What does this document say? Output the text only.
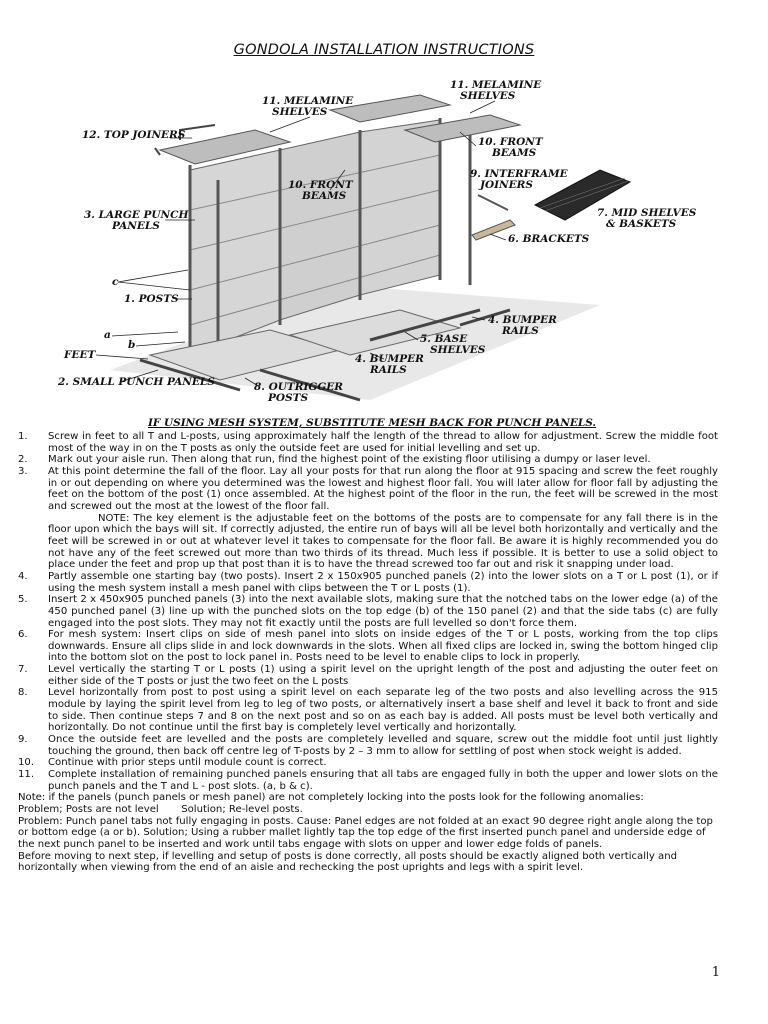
GONDOLA INSTALLATION INSTRUCTIONS
11. MELAMINE
SHELVES
11. MELAMINE
SHELVES
12. TOP JOINERS
10. FRONT
BEAMS
10. FRONT
BEAMS
9. INTERFRAME
JOINERS
3. LARGE PUNCH
PANELS
7. MID SHELVES
& BASKETS
6. BRACKETS
c
1. POSTS
4. BUMPER
RAILS
a
b	5. BASE
SHELVES
FEET	4. BUMPER
RAILS
2. SMALL PUNCH PANELS	8. OUTRIGGER
POSTS
IF USING MESH SYSTEM, SUBSTITUTE MESH BACK FOR PUNCH PANELS.
1.	Screw in feet to all T and L-posts, using approximately half the length of the thread to allow for adjustment. Screw the middle foot most of the way in on the T posts as only the outside feet are used for initial levelling and set up.
2.	Mark out your aisle run. Then along that run, find the highest point of the existing floor utilising a dumpy or laser level.
3.	At this point determine the fall of the floor. Lay all your posts for that run along the floor at 915 spacing and screw the feet roughly in or out depending on where you determined was the lowest and highest floor fall. You will later allow for floor fall by adjusting the feet on the bottom of the post (1) once assembled. At the highest point of the floor in the run, the feet will be screwed in the most and screwed out the most at the lowest of the floor fall.
NOTE: The key element is the adjustable feet on the bottoms of the posts are to compensate for any fall there is in the floor upon which the bays will sit. If correctly adjusted, the entire run of bays will all be level both horizontally and vertically and the feet will be screwed in or out at whatever level it takes to compensate for the floor fall. Be aware it is highly recommended you do not have any of the feet screwed out more than two thirds of its thread. Much less if possible. It is better to use a solid object to place under the feet and prop up that post than it is to have the thread screwed too far out and risk it snapping under load.
4.	Partly assemble one starting bay (two posts). Insert 2 x 150x905 punched panels (2) into the lower slots on a T or L post (1), or if using the mesh system install a mesh panel with clips between the T or L posts (1).
5.	Insert 2 x 450x905 punched panels (3) into the next available slots, making sure that the notched tabs on the lower edge (a) of the 450 punched panel (3) line up with the punched slots on the top edge (b) of the 150 panel (2) and that the side tabs (c) are fully engaged into the post slots. They may not fit exactly until the posts are full levelled so don't force them.
6.	For mesh system: Insert clips on side of mesh panel into slots on inside edges of the T or L posts, working from the top clips downwards. Ensure all clips slide in and lock downwards in the slots. When all fixed clips are locked in, swing the bottom hinged clip into the bottom slot on the post to lock panel in. Posts need to be level to enable clips to lock in properly.
7.	Level vertically the starting T or L posts (1) using a spirit level on the upright length of the post and adjusting the outer feet on either side of the T posts or just the two feet on the L posts
8.	Level horizontally from post to post using a spirit level on each separate leg of the two posts and also levelling across the 915 module by laying the spirit level from leg to leg of two posts, or alternatively insert a base shelf and level it back to front and side to side. Then continue steps 7 and 8 on the next post and so on as each bay is added. All posts must be level both vertically and horizontally. Do not continue until the first bay is completely level vertically and horizontally.
9.	Once the outside feet are levelled and the posts are completely levelled and square, screw out the middle foot until just lightly touching the ground, then back off centre leg of T-posts by 2 – 3 mm to allow for settling of post when stock weight is added.
10.	Continue with prior steps until module count is correct.
11.	Complete installation of remaining punched panels ensuring that all tabs are engaged fully in both the upper and lower slots on the punch panels and the T and L - post slots. (a, b & c).
Note: if the panels (punch panels or mesh panel) are not completely locking into the posts look for the following anomalies:
Problem; Posts are not level       Solution; Re-level posts.
Problem: Punch panel tabs not fully engaging in posts. Cause: Panel edges are not folded at an exact 90 degree right angle along the top or bottom edge (a or b). Solution; Using a rubber mallet lightly tap the top edge of the first inserted punch panel and underside edge of the next punch panel to be inserted and work until tabs engage with slots on upper and lower edge folds of panels.
Before moving to next step, if levelling and setup of posts is done correctly, all posts should be exactly aligned both vertically and horizontally when viewing from the end of an aisle and rechecking the post uprights and legs with a spirit level.
1
